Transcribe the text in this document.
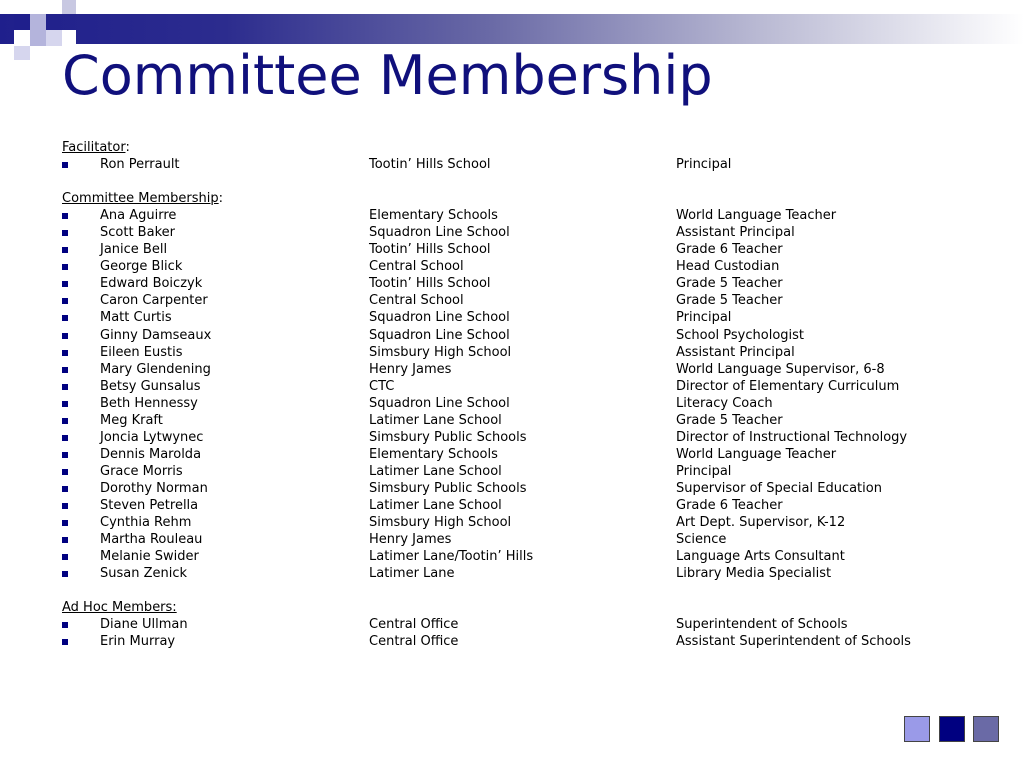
Committee Membership
Facilitator:
Ron Perrault	Tootin’ Hills School	Principal
Committee Membership:
Ana Aguirre	Elementary Schools	World Language Teacher
Scott Baker	Squadron Line School	Assistant Principal
Janice Bell	Tootin’ Hills School	Grade 6 Teacher
George Blick	Central School	Head Custodian
Edward Boiczyk	Tootin’ Hills School	Grade 5 Teacher
Caron Carpenter	Central School	Grade 5 Teacher
Matt Curtis	Squadron Line School	Principal
Ginny Damseaux	Squadron Line School	School Psychologist
Eileen Eustis	Simsbury High School	Assistant Principal
Mary Glendening	Henry James	World Language Supervisor, 6-8
Betsy Gunsalus	CTC	Director of Elementary Curriculum
Beth Hennessy	Squadron Line School	Literacy Coach
Meg Kraft	Latimer Lane School	Grade 5 Teacher
Joncia Lytwynec	Simsbury Public Schools	Director of Instructional Technology
Dennis Marolda	Elementary Schools	World Language Teacher
Grace Morris	Latimer Lane School	Principal
Dorothy Norman	Simsbury Public Schools	Supervisor of Special Education
Steven Petrella	Latimer Lane School	Grade 6 Teacher
Cynthia Rehm	Simsbury High School	Art Dept. Supervisor, K-12
Martha Rouleau	Henry James	Science
Melanie Swider	Latimer Lane/Tootin’ Hills	Language Arts Consultant
Susan Zenick	Latimer Lane	Library Media Specialist
Ad Hoc Members:
Diane Ullman	Central Office	Superintendent of Schools
Erin Murray	Central Office	Assistant Superintendent of Schools
